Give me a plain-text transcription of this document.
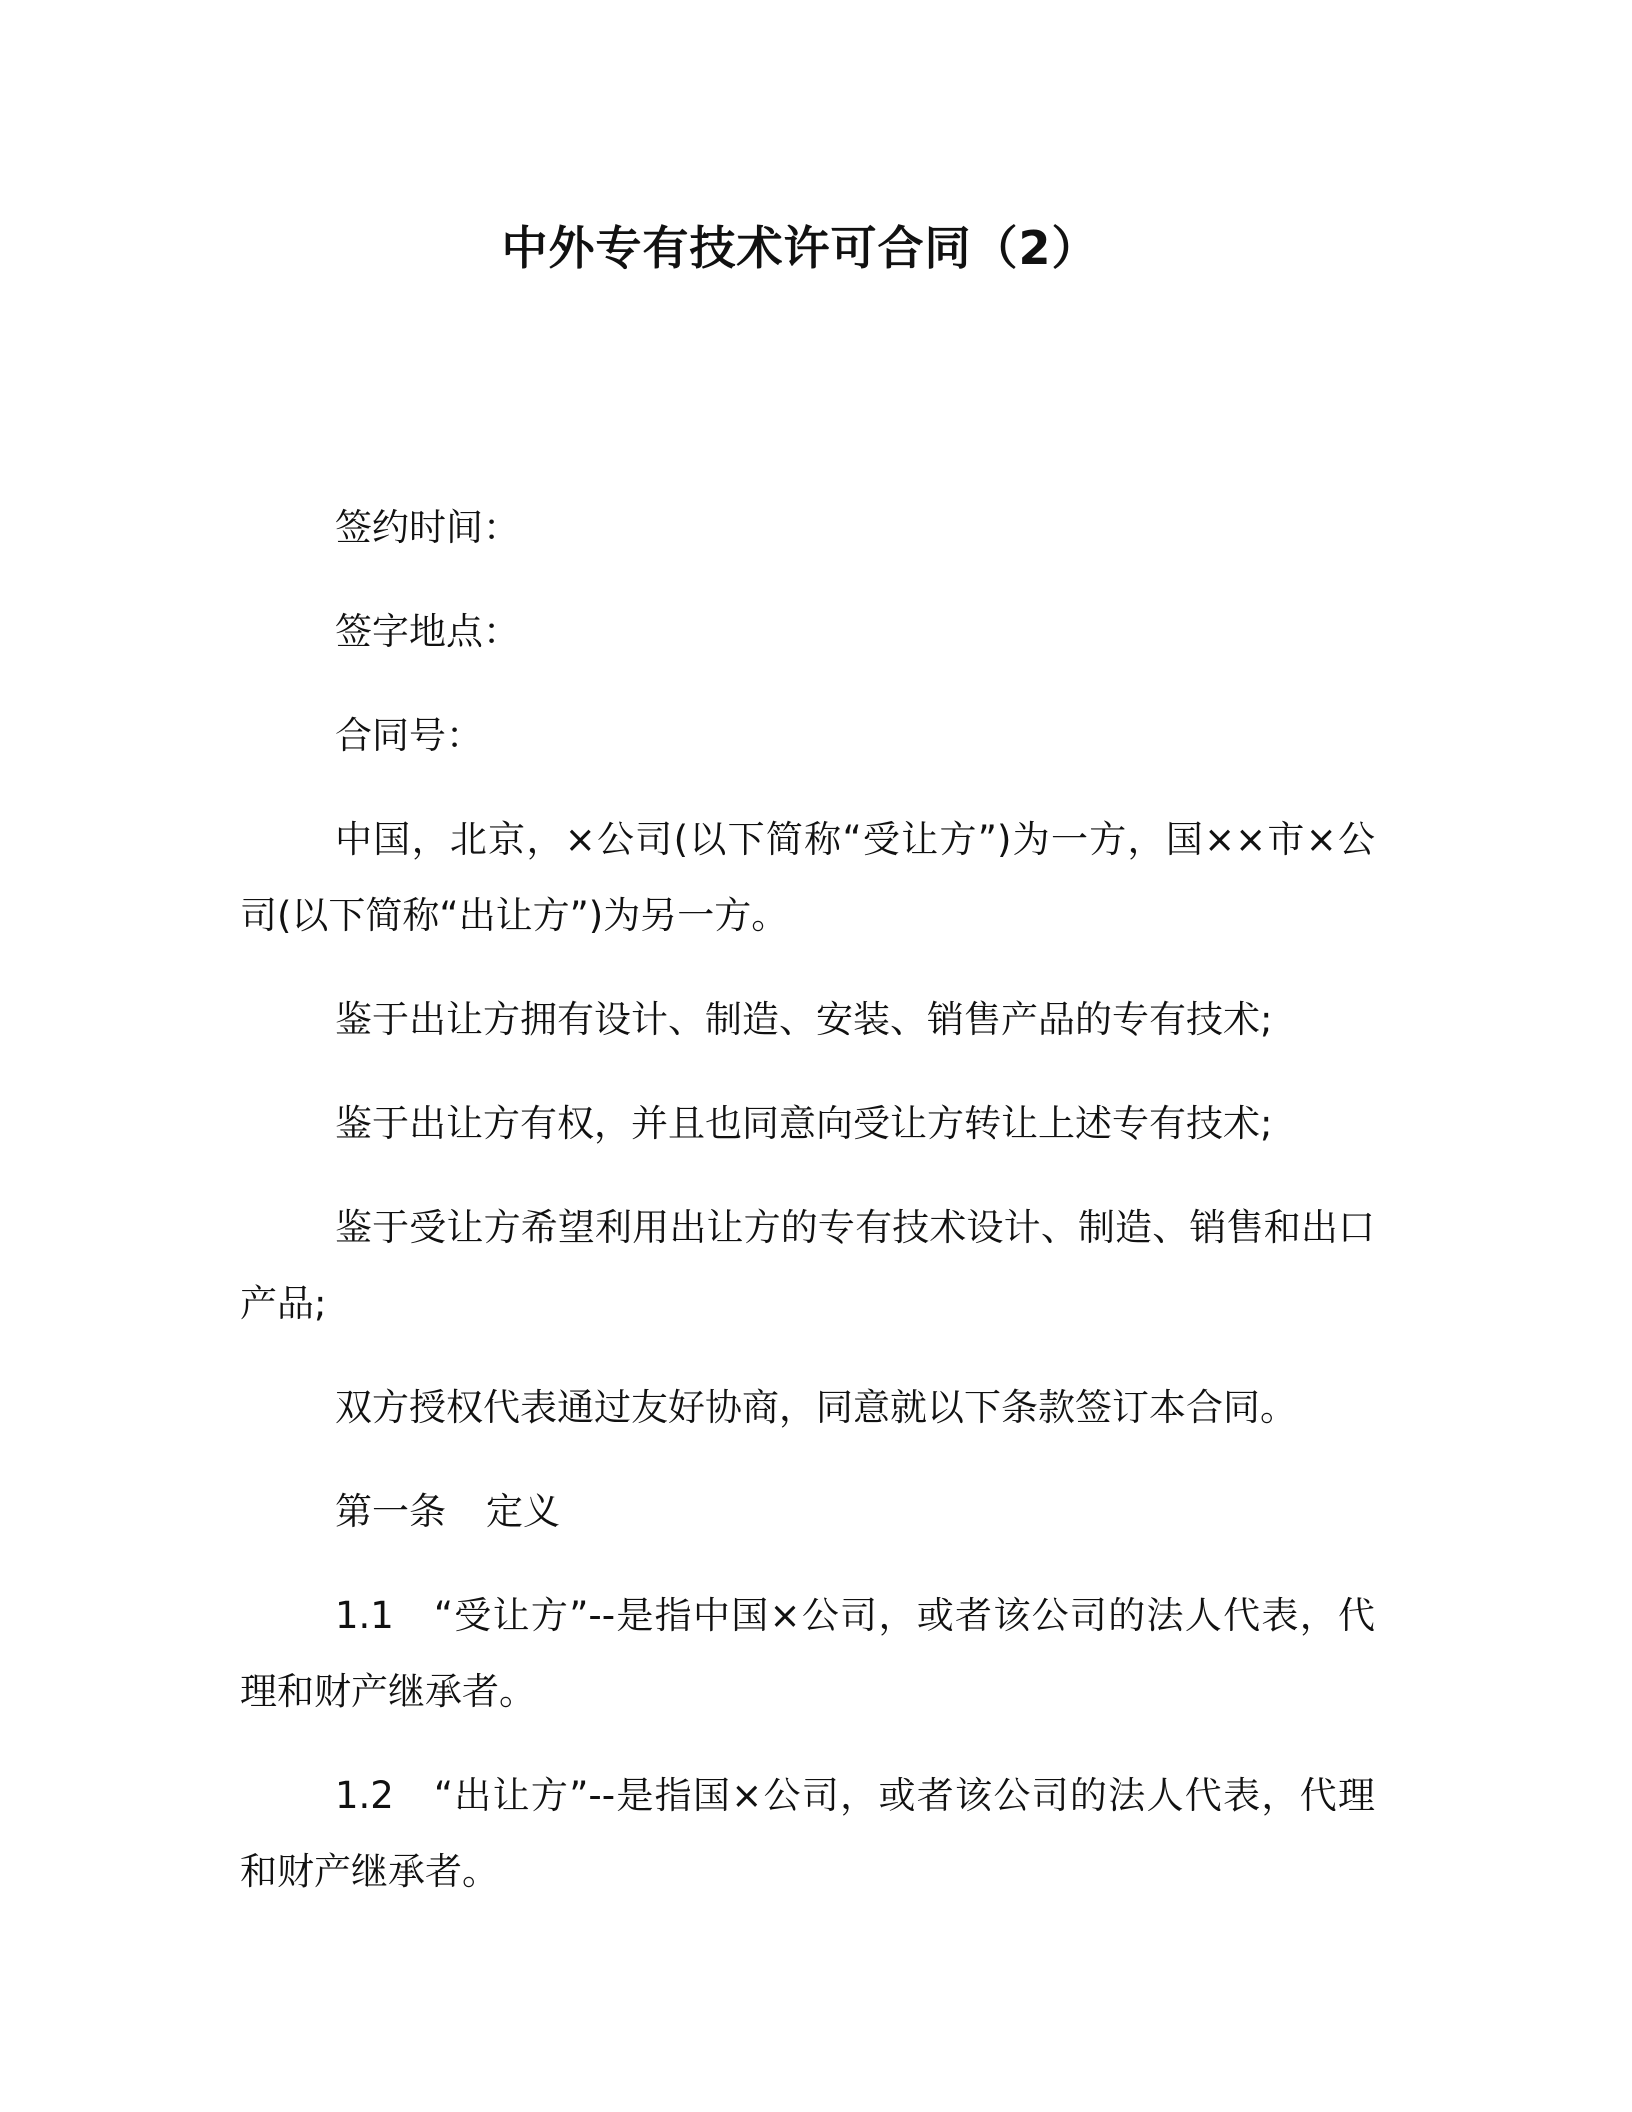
中外专有技术许可合同（2）

签约时间：

签字地点：

合同号：

中国，北京，×公司(以下简称“受让方”)为一方，国××市×公司(以下简称“出让方”)为另一方。

鉴于出让方拥有设计、制造、安装、销售产品的专有技术;

鉴于出让方有权，并且也同意向受让方转让上述专有技术;

鉴于受让方希望利用出让方的专有技术设计、制造、销售和出口产品;

双方授权代表通过友好协商，同意就以下条款签订本合同。

第一条 定义

1.1 “受让方”--是指中国×公司，或者该公司的法人代表，代理和财产继承者。

1.2 “出让方”--是指国×公司，或者该公司的法人代表，代理和财产继承者。
